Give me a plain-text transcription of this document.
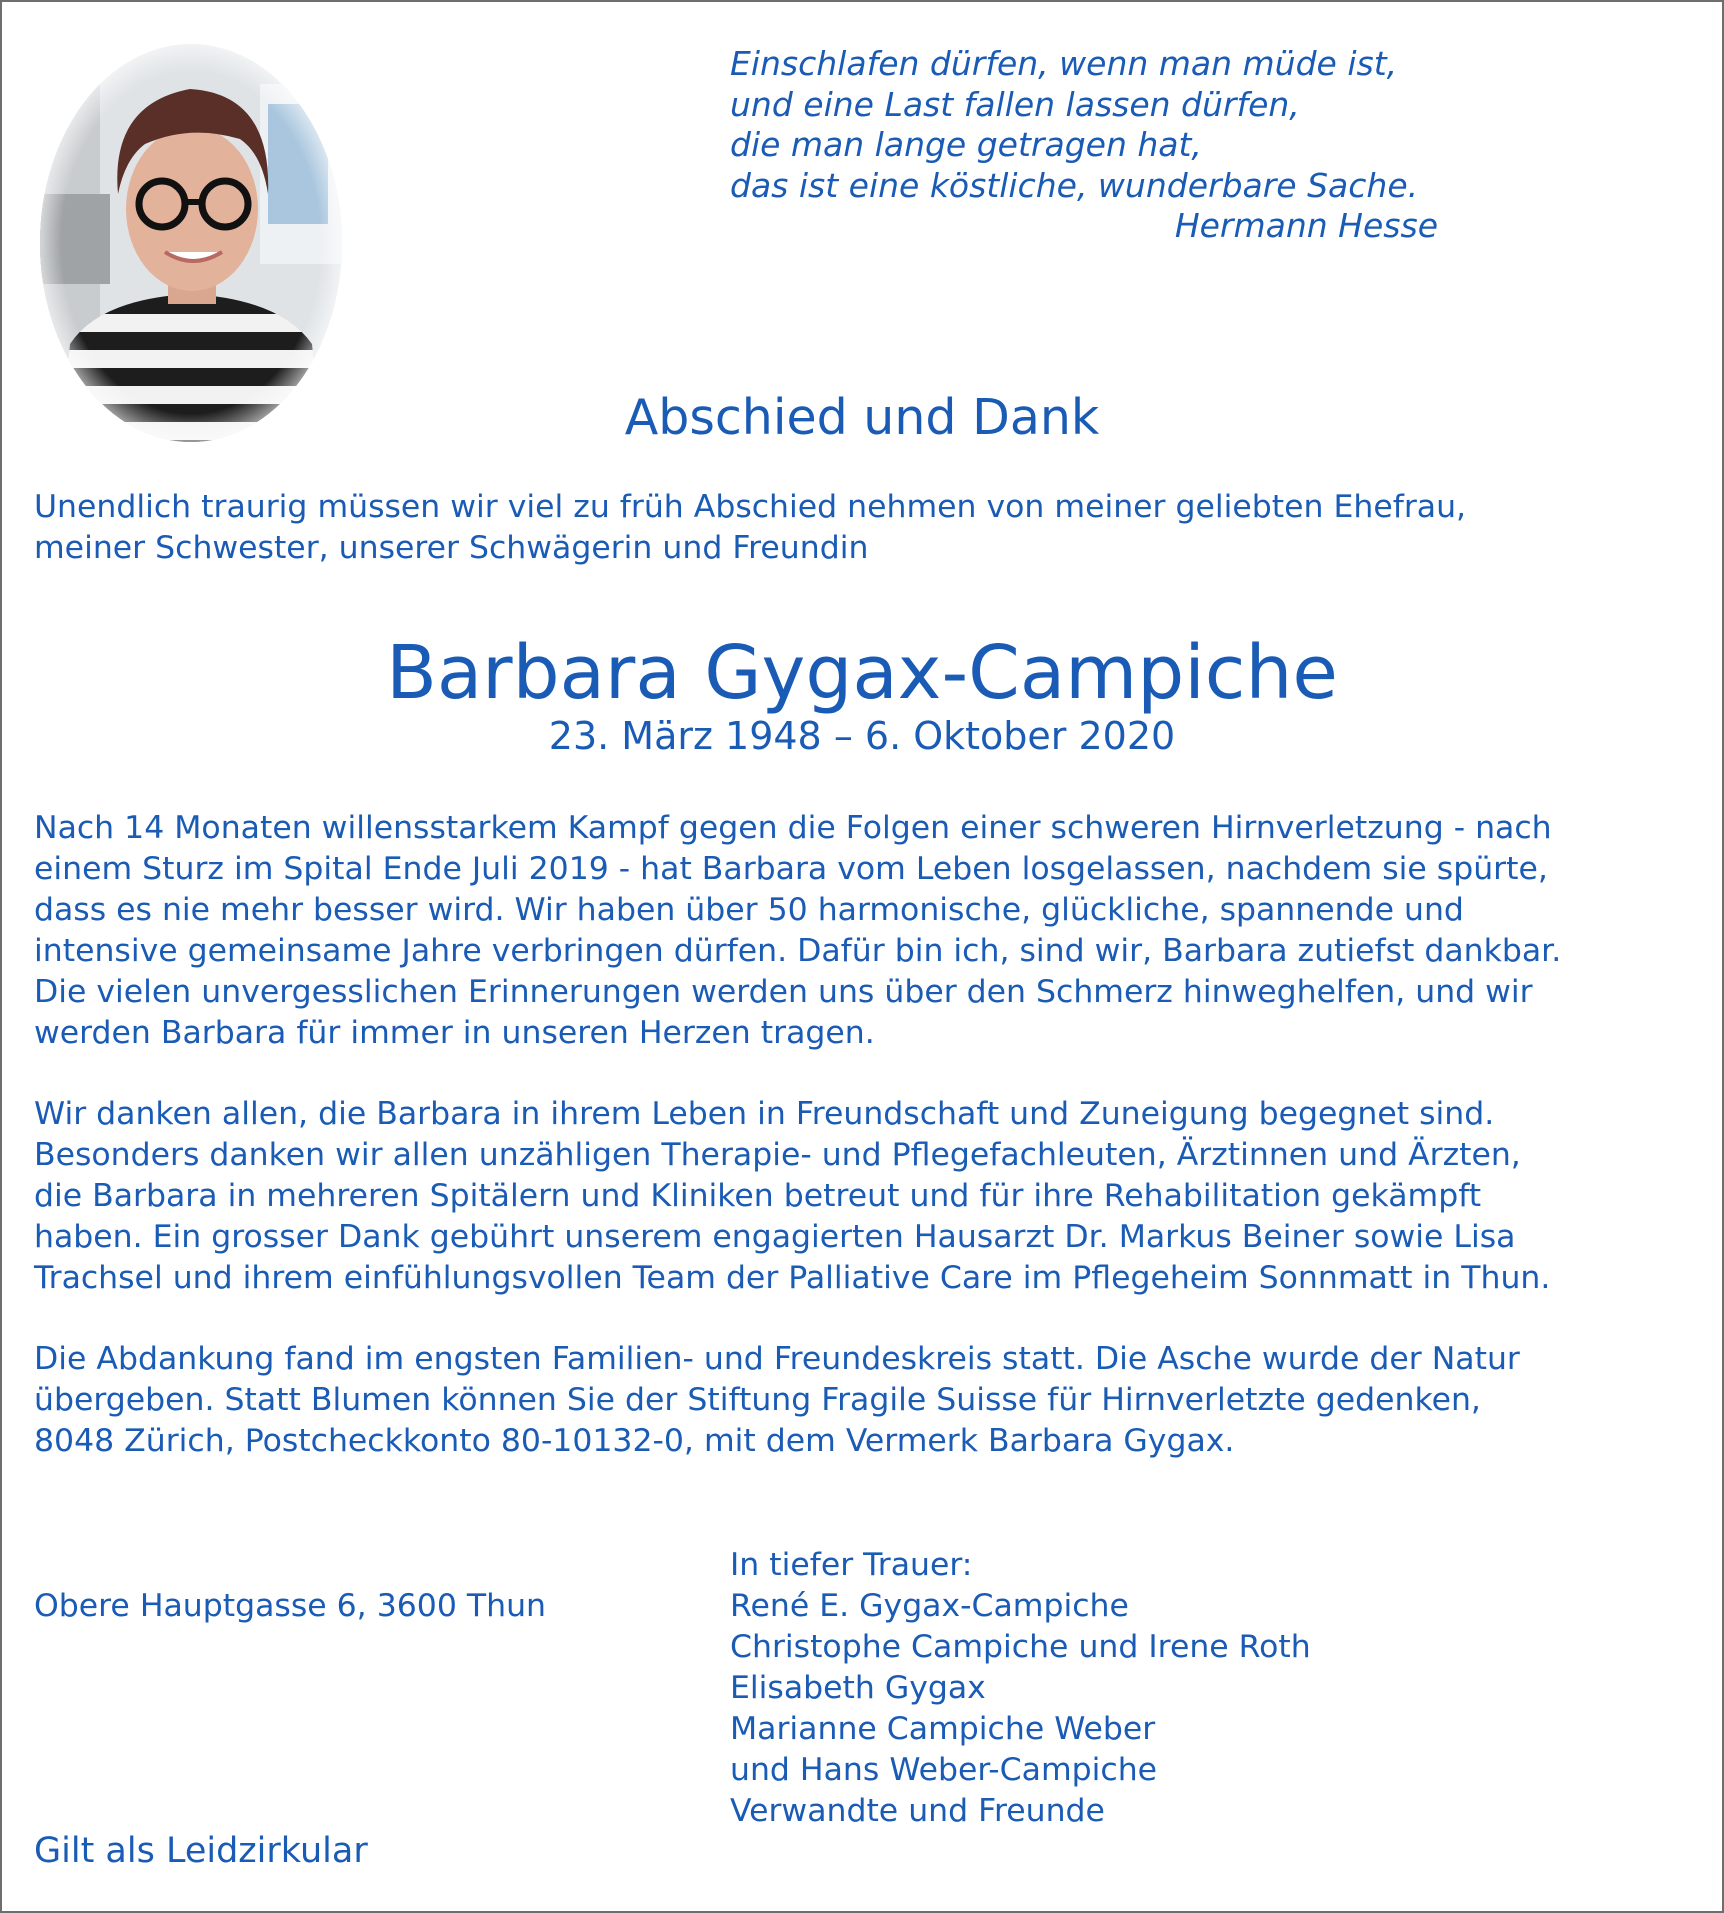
Einschlafen dürfen, wenn man müde ist,
und eine Last fallen lassen dürfen,
die man lange getragen hat,
das ist eine köstliche, wunderbare Sache.
Hermann Hesse
Abschied und Dank
Unendlich traurig müssen wir viel zu früh Abschied nehmen von meiner geliebten Ehefrau,
meiner Schwester, unserer Schwägerin und Freundin
Barbara Gygax-Campiche
23. März 1948 – 6. Oktober 2020
Nach 14 Monaten willensstarkem Kampf gegen die Folgen einer schweren Hirnverletzung - nach
einem Sturz im Spital Ende Juli 2019 - hat Barbara vom Leben losgelassen, nachdem sie spürte,
dass es nie mehr besser wird. Wir haben über 50 harmonische, glückliche, spannende und
intensive gemeinsame Jahre verbringen dürfen. Dafür bin ich, sind wir, Barbara zutiefst dankbar.
Die vielen unvergesslichen Erinnerungen werden uns über den Schmerz hinweghelfen, und wir
werden Barbara für immer in unseren Herzen tragen.
Wir danken allen, die Barbara in ihrem Leben in Freundschaft und Zuneigung begegnet sind.
Besonders danken wir allen unzähligen Therapie- und Pflegefachleuten, Ärztinnen und Ärzten,
die Barbara in mehreren Spitälern und Kliniken betreut und für ihre Rehabilitation gekämpft
haben. Ein grosser Dank gebührt unserem engagierten Hausarzt Dr. Markus Beiner sowie Lisa
Trachsel und ihrem einfühlungsvollen Team der Palliative Care im Pflegeheim Sonnmatt in Thun.
Die Abdankung fand im engsten Familien- und Freundeskreis statt. Die Asche wurde der Natur
übergeben. Statt Blumen können Sie der Stiftung Fragile Suisse für Hirnverletzte gedenken,
8048 Zürich, Postcheckkonto 80-10132-0, mit dem Vermerk Barbara Gygax.
Obere Hauptgasse 6, 3600 Thun
In tiefer Trauer:
René E. Gygax-Campiche
Christophe Campiche und Irene Roth
Elisabeth Gygax
Marianne Campiche Weber
und Hans Weber-Campiche
Verwandte und Freunde
Gilt als Leidzirkular
